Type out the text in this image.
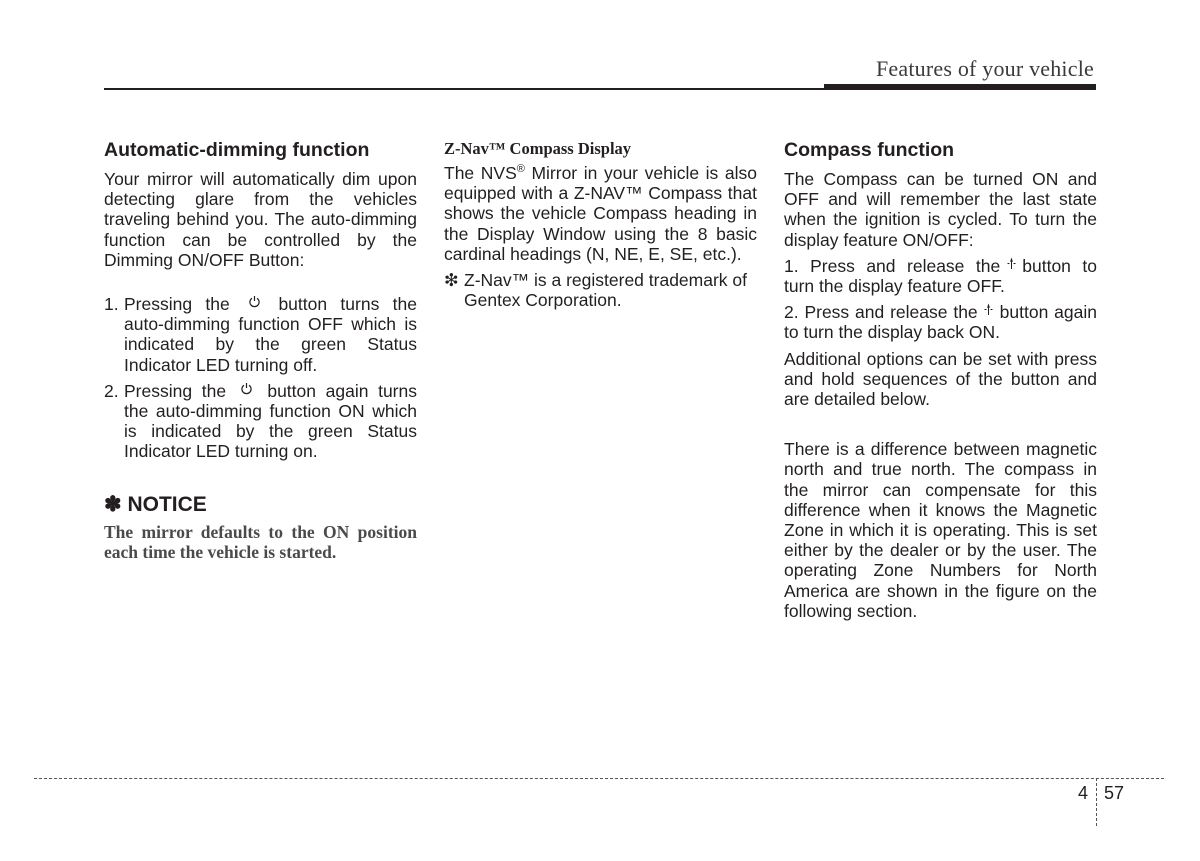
Features of your vehicle
Automatic-dimming function

Your mirror will automatically dim upon detecting glare from the vehicles traveling behind you. The auto-dimming function can be controlled by the Dimming ON/OFF Button:

1. Pressing the	button turns the auto-dimming function OFF which is indicated by the green Status Indicator LED turning off.
2. Pressing the button again turns the auto-dimming function ON which is indicated by the green Status Indicator LED turning on.
✽ NOTICE
The mirror defaults to the ON position each time the vehicle is started.
Z-Nav™ Compass Display

The NVS® Mirror in your vehicle is also equipped with a Z-NAV™ Compass that shows the vehicle Compass heading in the Display Window using the 8 basic cardinal headings (N, NE, E, SE, etc.).

❇ Z-Nav™ is a registered trademark of Gentex Corporation.
Compass function

The Compass can be turned ON and OFF and will remember the last state when the ignition is cycled. To turn the display feature ON/OFF:

1. Press and release the button to turn the display feature OFF.

2. Press and release the button again to turn the display back ON.

Additional options can be set with press and hold sequences of the button and are detailed below.

There is a difference between magnetic north and true north. The compass in the mirror can compensate for this difference when it knows the Magnetic Zone in which it is operating. This is set either by the dealer or by the user. The operating Zone Numbers for North America are shown in the figure on the following section.

4 57
